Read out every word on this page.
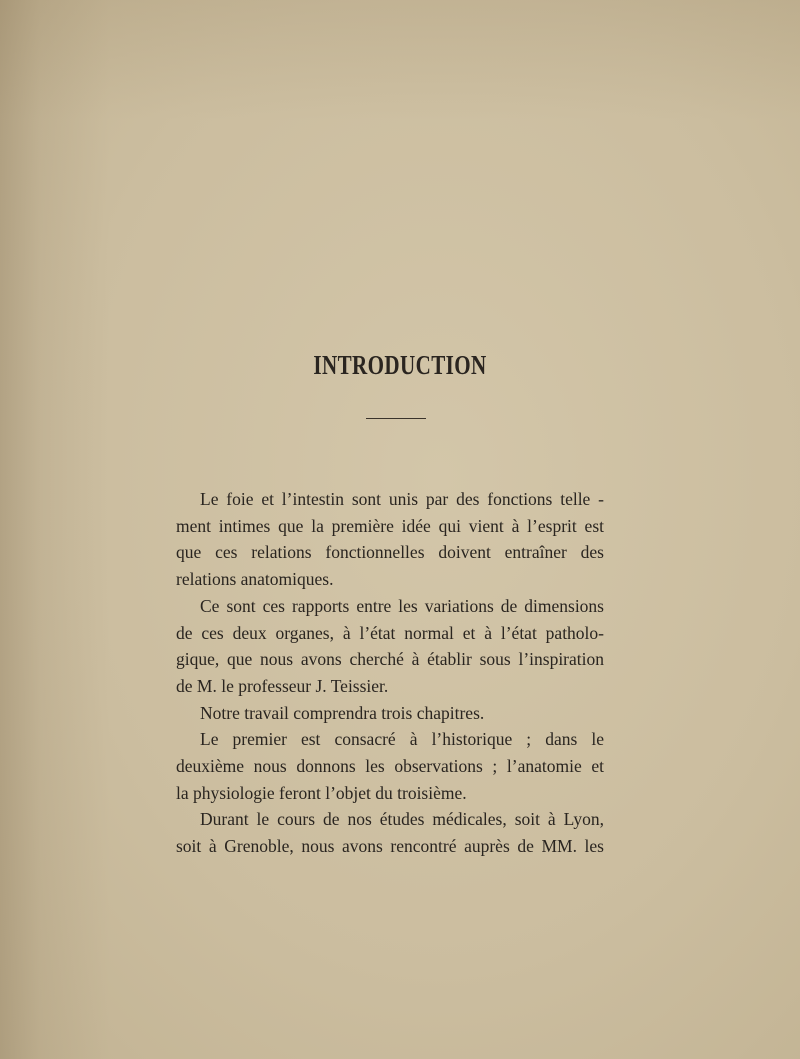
INTRODUCTION
Le foie et l’intestin sont unis par des fonctions telle -
ment intimes que la première idée qui vient à l’esprit est
que ces relations fonctionnelles doivent entraîner des
relations anatomiques.
Ce sont ces rapports entre les variations de dimensions
de ces deux organes, à l’état normal et à l’état patholo-
gique, que nous avons cherché à établir sous l’inspiration
de M. le professeur J. Teissier.
Notre travail comprendra trois chapitres.
Le premier est consacré à l’historique ; dans le
deuxième nous donnons les observations ; l’anatomie et
la physiologie feront l’objet du troisième.
Durant le cours de nos études médicales, soit à Lyon,
soit à Grenoble, nous avons rencontré auprès de MM. les
